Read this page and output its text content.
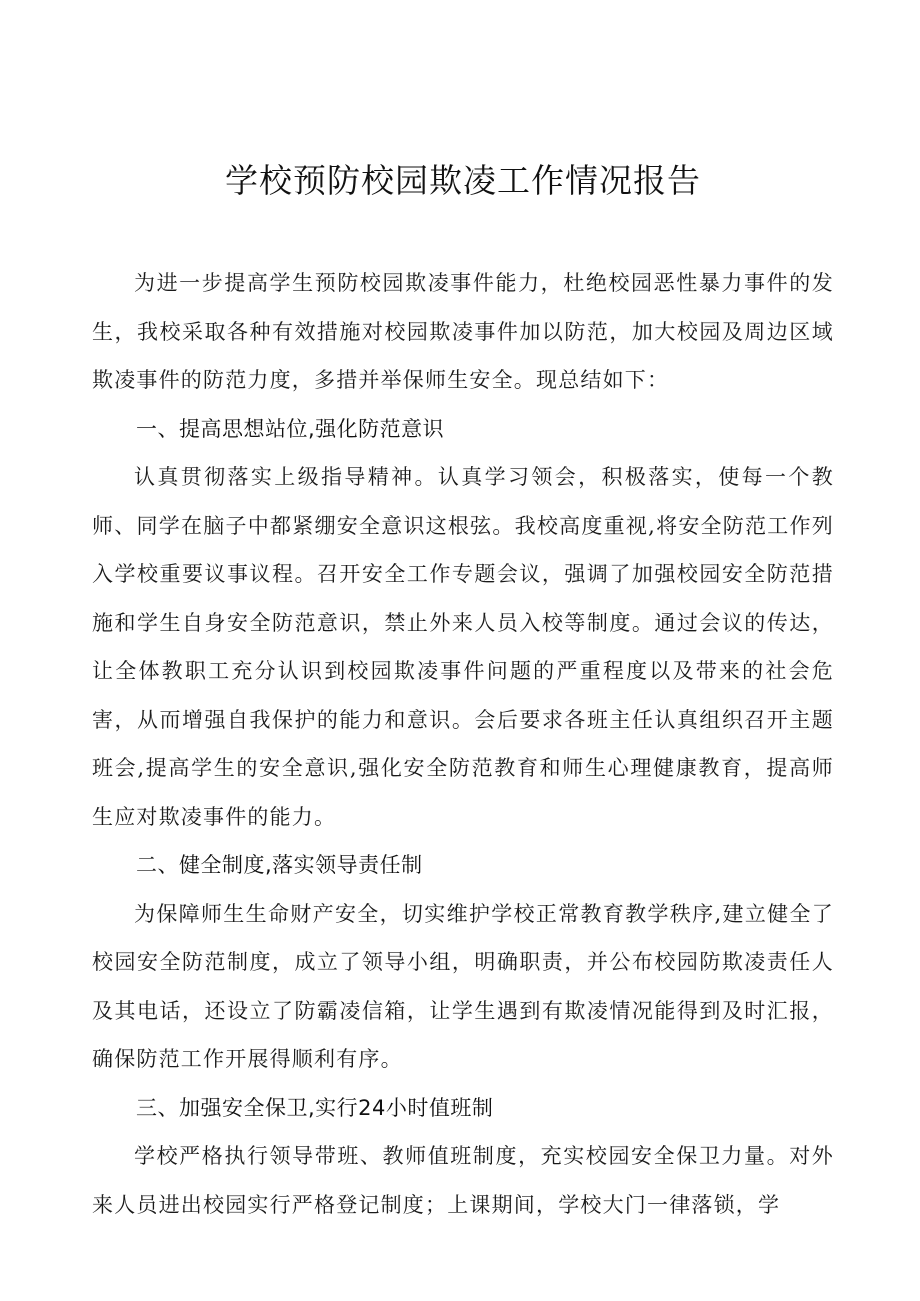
学校预防校园欺凌工作情况报告

为进一步提高学生预防校园欺凌事件能力，杜绝校园恶性暴力事件的发生，我校采取各种有效措施对校园欺凌事件加以防范，加大校园及周边区域欺凌事件的防范力度，多措并举保师生安全。现总结如下：

一、提高思想站位,强化防范意识

认真贯彻落实上级指导精神。认真学习领会，积极落实，使每一个教师、同学在脑子中都紧绷安全意识这根弦。我校高度重视,将安全防范工作列入学校重要议事议程。召开安全工作专题会议，强调了加强校园安全防范措施和学生自身安全防范意识，禁止外来人员入校等制度。通过会议的传达，让全体教职工充分认识到校园欺凌事件问题的严重程度以及带来的社会危害，从而增强自我保护的能力和意识。会后要求各班主任认真组织召开主题班会,提高学生的安全意识,强化安全防范教育和师生心理健康教育，提高师生应对欺凌事件的能力。

二、健全制度,落实领导责任制

为保障师生生命财产安全，切实维护学校正常教育教学秩序,建立健全了校园安全防范制度，成立了领导小组，明确职责，并公布校园防欺凌责任人及其电话，还设立了防霸凌信箱，让学生遇到有欺凌情况能得到及时汇报，确保防范工作开展得顺利有序。

三、加强安全保卫,实行24小时值班制

学校严格执行领导带班、教师值班制度，充实校园安全保卫力量。对外来人员进出校园实行严格登记制度；上课期间，学校大门一律落锁，学
